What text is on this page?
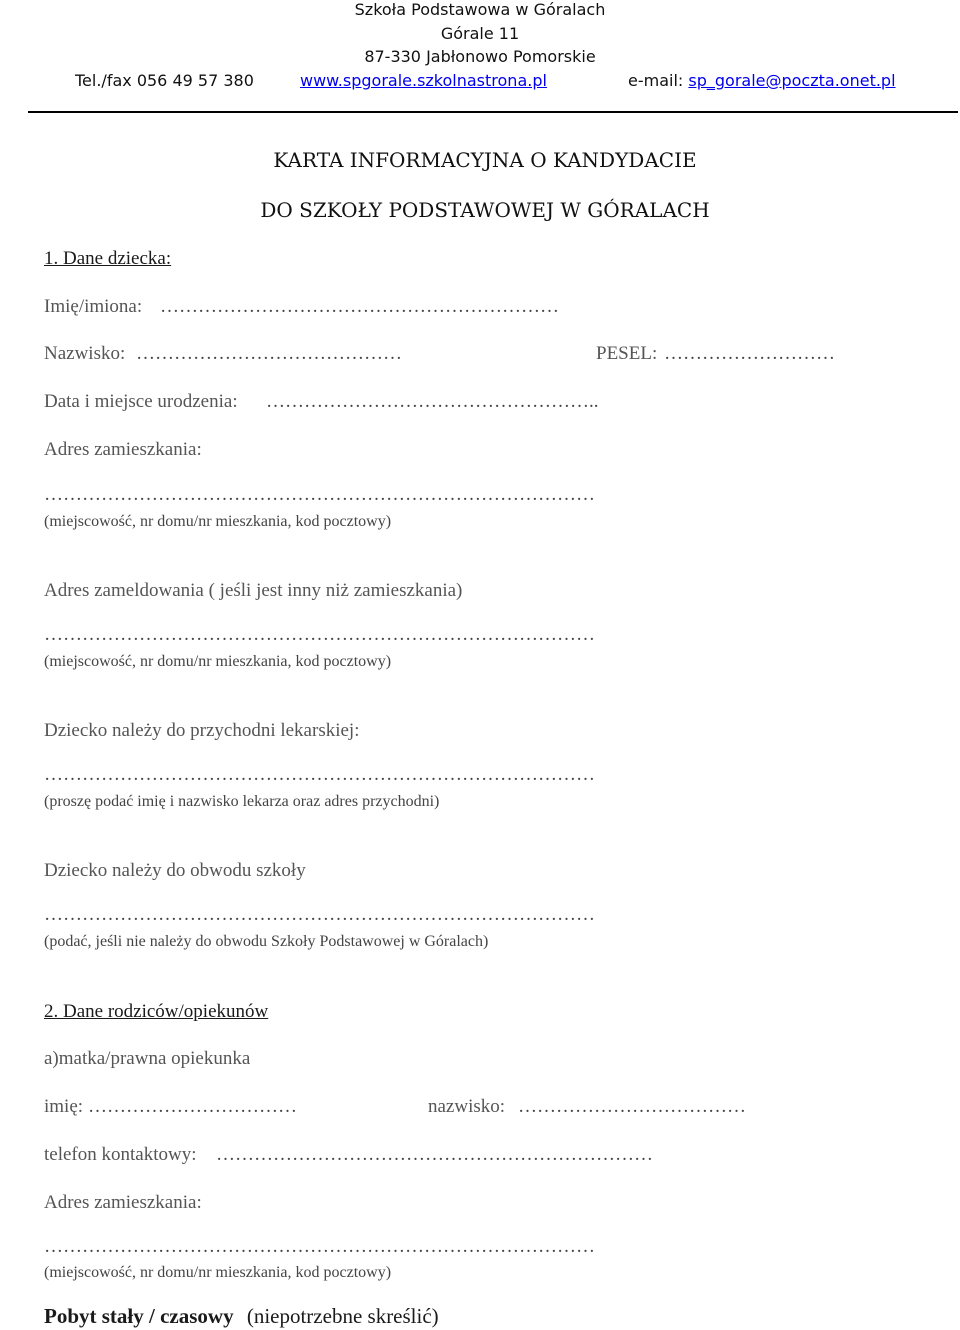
Szkoła Podstawowa w Góralach
Górale 11
87-330 Jabłonowo Pomorskie
Tel./fax 056 49 57 380	www.spgorale.szkolnastrona.pl	e-mail: sp_gorale@poczta.onet.pl
KARTA INFORMACYJNA O KANDYDACIE
DO SZKOŁY PODSTAWOWEJ W GÓRALACH
1. Dane dziecka:
Imię/imiona: ………………………………………………………
Nazwisko: ……………………………………	PESEL: ………………………
Data i miejsce urodzenia: ……………………………………………..
Adres zamieszkania:
……………………………………………………………………………
(miejscowość, nr domu/nr mieszkania, kod pocztowy)
Adres zameldowania ( jeśli jest inny niż zamieszkania)
……………………………………………………………………………
(miejscowość, nr domu/nr mieszkania, kod pocztowy)
Dziecko należy do przychodni lekarskiej:
……………………………………………………………………………
(proszę podać imię i nazwisko lekarza oraz adres przychodni)
Dziecko należy do obwodu szkoły
……………………………………………………………………………
(podać, jeśli nie należy do obwodu Szkoły Podstawowej w Góralach)
2. Dane rodziców/opiekunów
a)matka/prawna opiekunka
imię: ……………………………	nazwisko: ………………………………
telefon kontaktowy: ……………………………………………………………
Adres zamieszkania:
……………………………………………………………………………
(miejscowość, nr domu/nr mieszkania, kod pocztowy)
Pobyt stały / czasowy (niepotrzebne skreślić)
